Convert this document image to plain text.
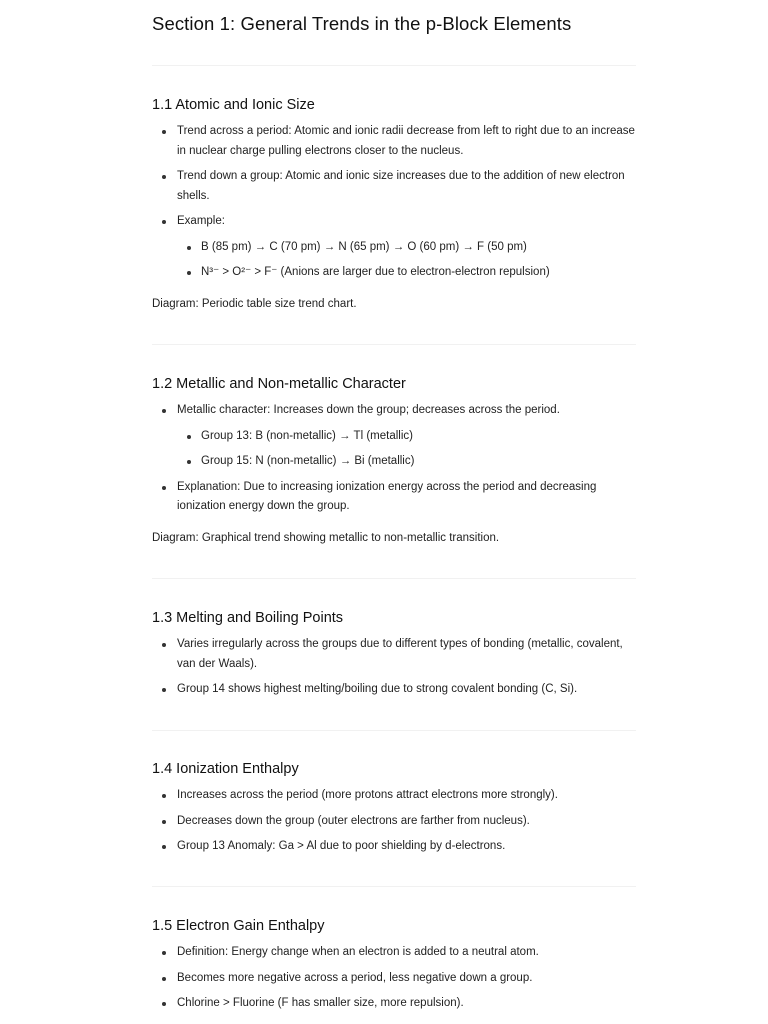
Section 1: General Trends in the p-Block Elements
1.1 Atomic and Ionic Size
Trend across a period: Atomic and ionic radii decrease from left to right due to an increase in nuclear charge pulling electrons closer to the nucleus.
Trend down a group: Atomic and ionic size increases due to the addition of new electron shells.
Example:
B (85 pm) → C (70 pm) → N (65 pm) → O (60 pm) → F (50 pm)
N³⁻ > O²⁻ > F⁻ (Anions are larger due to electron-electron repulsion)

Diagram: Periodic table size trend chart.

1.2 Metallic and Non-metallic Character
Metallic character: Increases down the group; decreases across the period.
Group 13: B (non-metallic) → Tl (metallic)
Group 15: N (non-metallic) → Bi (metallic)
Explanation: Due to increasing ionization energy across the period and decreasing ionization energy down the group.

Diagram: Graphical trend showing metallic to non-metallic transition.

1.3 Melting and Boiling Points
Varies irregularly across the groups due to different types of bonding (metallic, covalent, van der Waals).
Group 14 shows highest melting/boiling due to strong covalent bonding (C, Si).
1.4 Ionization Enthalpy
Increases across the period (more protons attract electrons more strongly).
Decreases down the group (outer electrons are farther from nucleus).
Group 13 Anomaly: Ga > Al due to poor shielding by d-electrons.
1.5 Electron Gain Enthalpy
Definition: Energy change when an electron is added to a neutral atom.
Becomes more negative across a period, less negative down a group.
Chlorine > Fluorine (F has smaller size, more repulsion).
